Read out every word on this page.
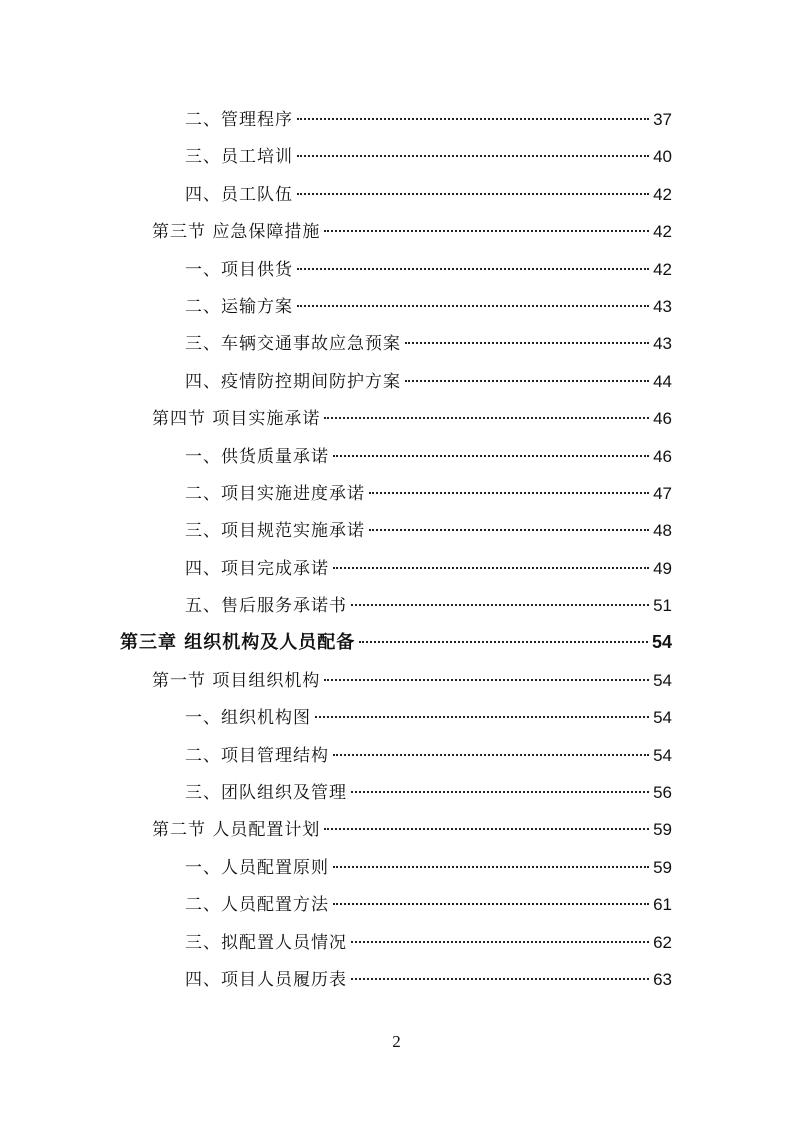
二、管理程序	37
三、员工培训	40
四、员工队伍	42
第三节 应急保障措施	42
一、项目供货	42
二、运输方案	43
三、车辆交通事故应急预案	43
四、疫情防控期间防护方案	44
第四节 项目实施承诺	46
一、供货质量承诺	46
二、项目实施进度承诺	47
三、项目规范实施承诺	48
四、项目完成承诺	49
五、售后服务承诺书	51
第三章 组织机构及人员配备	54
第一节 项目组织机构	54
一、组织机构图	54
二、项目管理结构	54
三、团队组织及管理	56
第二节 人员配置计划	59
一、人员配置原则	59
二、人员配置方法	61
三、拟配置人员情况	62
四、项目人员履历表	63
2
